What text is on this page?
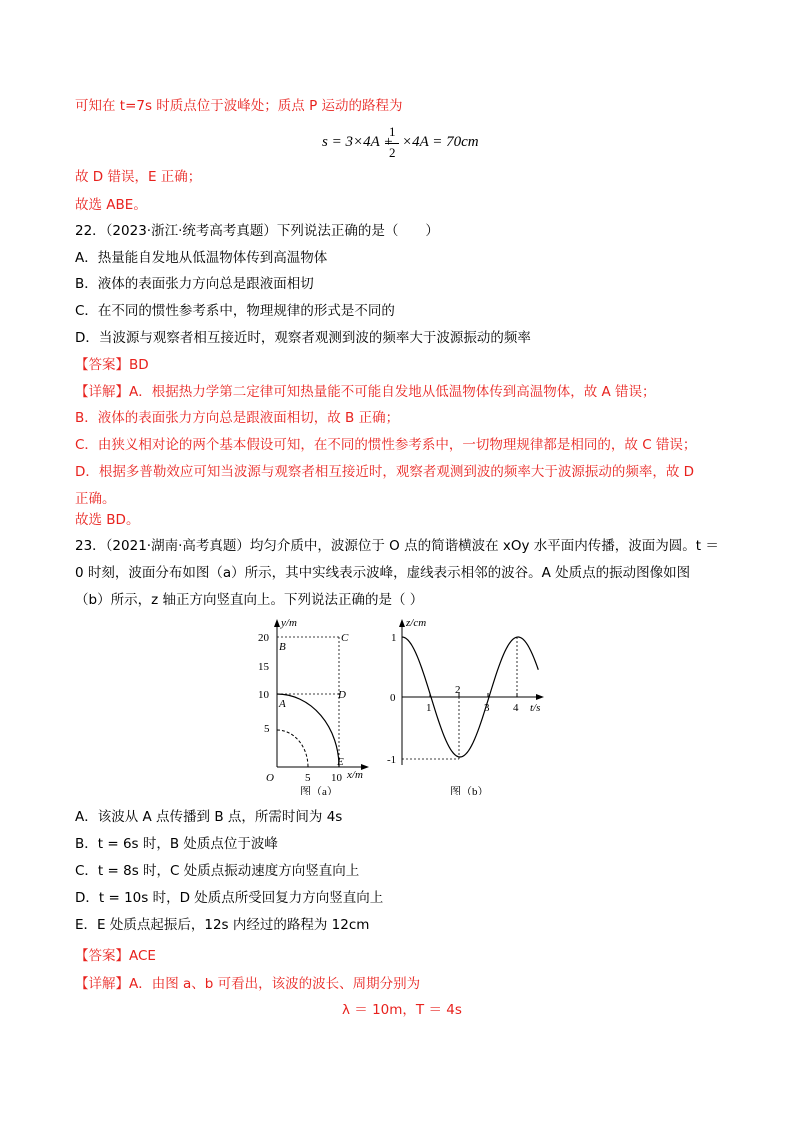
可知在 t=7s 时质点位于波峰处；质点 P 运动的路程为
s = 3×4A +
1
2
×4A = 70cm
故 D 错误，E 正确；
故选 ABE。
22．（2023·浙江·统考高考真题）下列说法正确的是（　　）
A．热量能自发地从低温物体传到高温物体
B．液体的表面张力方向总是跟液面相切
C．在不同的惯性参考系中，物理规律的形式是不同的
D．当波源与观察者相互接近时，观察者观测到波的频率大于波源振动的频率
【答案】BD
【详解】A．根据热力学第二定律可知热量能不可能自发地从低温物体传到高温物体，故 A 错误；
B．液体的表面张力方向总是跟液面相切，故 B 正确；
C．由狭义相对论的两个基本假设可知，在不同的惯性参考系中，一切物理规律都是相同的，故 C 错误；
D．根据多普勒效应可知当波源与观察者相互接近时，观察者观测到波的频率大于波源振动的频率，故 D
正确。
故选 BD。
23．（2021·湖南·高考真题）均匀介质中，波源位于 O 点的简谐横波在 xOy 水平面内传播，波面为圆。t ＝
0 时刻，波面分布如图（a）所示，其中实线表示波峰，虚线表示相邻的波谷。A 处质点的振动图像如图
（b）所示，z 轴正方向竖直向上。下列说法正确的是（ ）
20
15
10
5
O	5 10
y/m
x/m
B
C
A
D
E
图（a）
1
0
-1
1
2
3 4
z/cm
t/s
图（b）
A．该波从 A 点传播到 B 点，所需时间为 4s
B．t = 6s 时，B 处质点位于波峰
C．t = 8s 时，C 处质点振动速度方向竖直向上
D．t = 10s 时，D 处质点所受回复力方向竖直向上
E．E 处质点起振后，12s 内经过的路程为 12cm
【答案】ACE
【详解】A．由图 a、b 可看出，该波的波长、周期分别为
λ ＝ 10m，T ＝ 4s
